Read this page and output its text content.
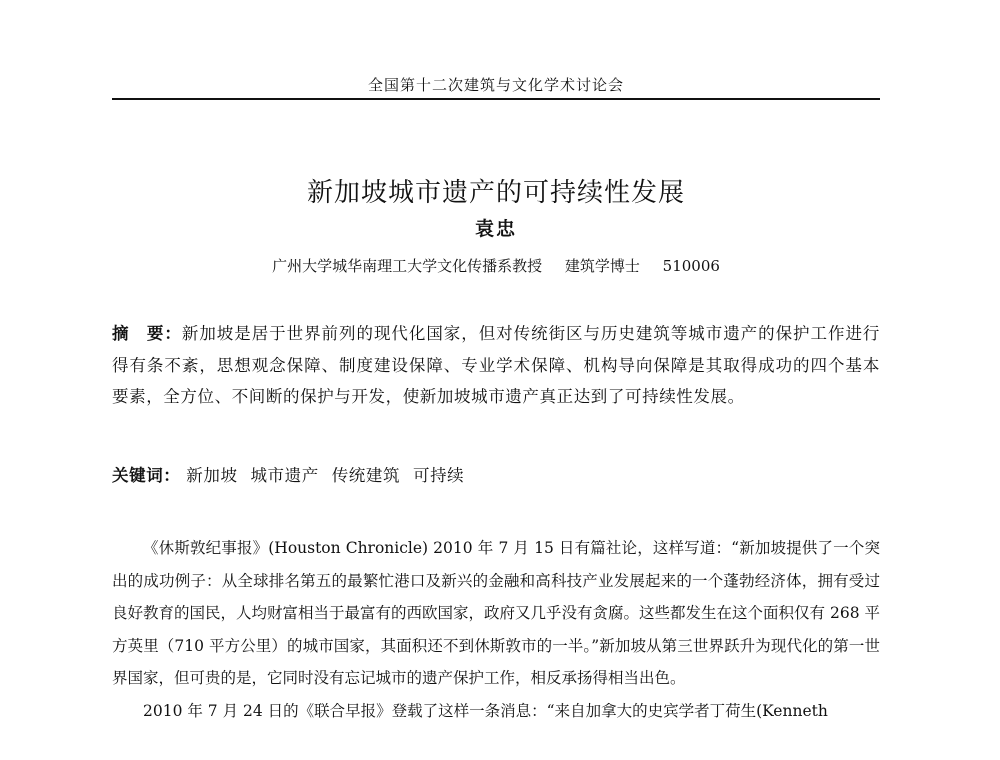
全国第十二次建筑与文化学术讨论会
新加坡城市遗产的可持续性发展
袁忠
广州大学城华南理工大学文化传播系教授 建筑学博士 510006
摘　要：新加坡是居于世界前列的现代化国家，但对传统街区与历史建筑等城市遗产的保护工作进行得有条不紊，思想观念保障、制度建设保障、专业学术保障、机构导向保障是其取得成功的四个基本要素，全方位、不间断的保护与开发，使新加坡城市遗产真正达到了可持续性发展。
关键词： 新加坡 城市遗产 传统建筑 可持续

《休斯敦纪事报》(Houston Chronicle) 2010 年 7 月 15 日有篇社论，这样写道：“新加坡提供了一个突出的成功例子：从全球排名第五的最繁忙港口及新兴的金融和高科技产业发展起来的一个蓬勃经济体，拥有受过良好教育的国民，人均财富相当于最富有的西欧国家，政府又几乎没有贪腐。这些都发生在这个面积仅有 268 平方英里（710 平方公里）的城市国家，其面积还不到休斯敦市的一半。”新加坡从第三世界跃升为现代化的第一世界国家，但可贵的是，它同时没有忘记城市的遗产保护工作，相反承扬得相当出色。

2010 年 7 月 24 日的《联合早报》登载了这样一条消息：“来自加拿大的史宾学者丁荷生(Kenneth
